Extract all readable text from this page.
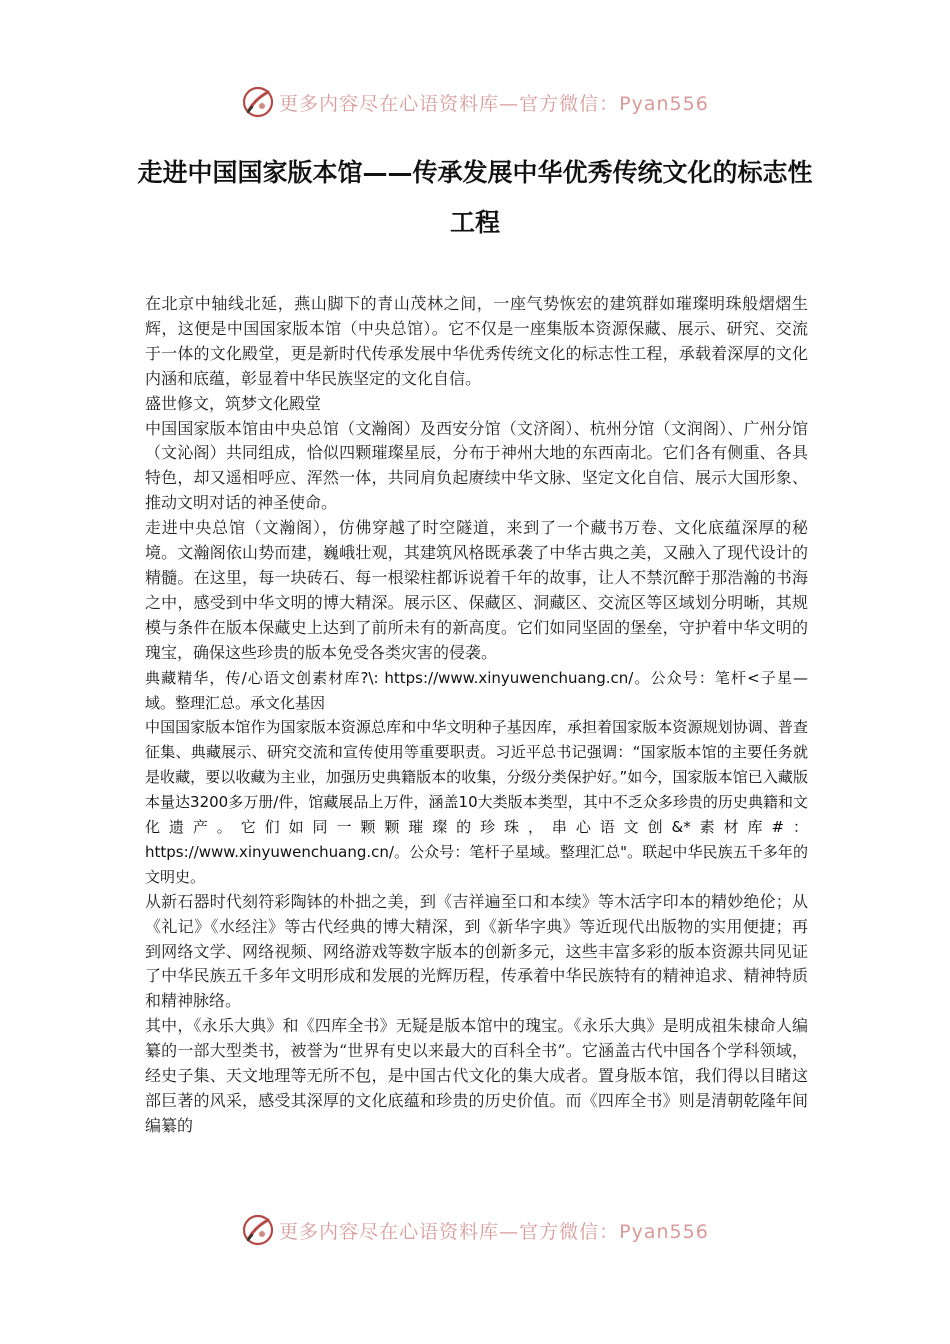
更多内容尽在心语资料库—官方微信：Pyan556
走进中国国家版本馆——传承发展中华优秀传统文化的标志性工程

在北京中轴线北延，燕山脚下的青山茂林之间，一座气势恢宏的建筑群如璀璨明珠般熠熠生辉，这便是中国国家版本馆（中央总馆）。它不仅是一座集版本资源保藏、展示、研究、交流于一体的文化殿堂，更是新时代传承发展中华优秀传统文化的标志性工程，承载着深厚的文化内涵和底蕴，彰显着中华民族坚定的文化自信。

盛世修文，筑梦文化殿堂

中国国家版本馆由中央总馆（文瀚阁）及西安分馆（文济阁）、杭州分馆（文润阁）、广州分馆（文沁阁）共同组成，恰似四颗璀璨星辰，分布于神州大地的东西南北。它们各有侧重、各具特色，却又遥相呼应、浑然一体，共同肩负起赓续中华文脉、坚定文化自信、展示大国形象、推动文明对话的神圣使命。

走进中央总馆（文瀚阁），仿佛穿越了时空隧道，来到了一个藏书万卷、文化底蕴深厚的秘境。文瀚阁依山势而建，巍峨壮观，其建筑风格既承袭了中华古典之美，又融入了现代设计的精髓。在这里，每一块砖石、每一根梁柱都诉说着千年的故事，让人不禁沉醉于那浩瀚的书海之中，感受到中华文明的博大精深。展示区、保藏区、洞藏区、交流区等区域划分明晰，其规模与条件在版本保藏史上达到了前所未有的新高度。它们如同坚固的堡垒，守护着中华文明的瑰宝，确保这些珍贵的版本免受各类灾害的侵袭。

典藏精华，传/心语文创素材库?\: https://www.xinyuwenchuang.cn/。公众号：笔杆<子星—域。整理汇总。承文化基因

中国国家版本馆作为国家版本资源总库和中华文明种子基因库，承担着国家版本资源规划协调、普查征集、典藏展示、研究交流和宣传使用等重要职责。习近平总书记强调：“国家版本馆的主要任务就是收藏，要以收藏为主业，加强历史典籍版本的收集，分级分类保护好。”如今，国家版本馆已入藏版本量达3200多万册/件，馆藏展品上万件，涵盖10大类版本类型，其中不乏众多珍贵的历史典籍和文化遗产。它们如同一颗颗璀璨的珍珠，串心语文创&*素材库#：https://www.xinyuwenchuang.cn/。公众号：笔杆子星域。整理汇总"。联起中华民族五千多年的文明史。

从新石器时代刻符彩陶钵的朴拙之美，到《吉祥遍至口和本续》等木活字印本的精妙绝伦；从《礼记》《水经注》等古代经典的博大精深，到《新华字典》等近现代出版物的实用便捷；再到网络文学、网络视频、网络游戏等数字版本的创新多元，这些丰富多彩的版本资源共同见证了中华民族五千多年文明形成和发展的光辉历程，传承着中华民族特有的精神追求、精神特质和精神脉络。

其中，《永乐大典》和《四库全书》无疑是版本馆中的瑰宝。《永乐大典》是明成祖朱棣命人编纂的一部大型类书，被誉为“世界有史以来最大的百科全书”。它涵盖古代中国各个学科领域，经史子集、天文地理等无所不包，是中国古代文化的集大成者。置身版本馆，我们得以目睹这部巨著的风采，感受其深厚的文化底蕴和珍贵的历史价值。而《四库全书》则是清朝乾隆年间编纂的

更多内容尽在心语资料库—官方微信：Pyan556
